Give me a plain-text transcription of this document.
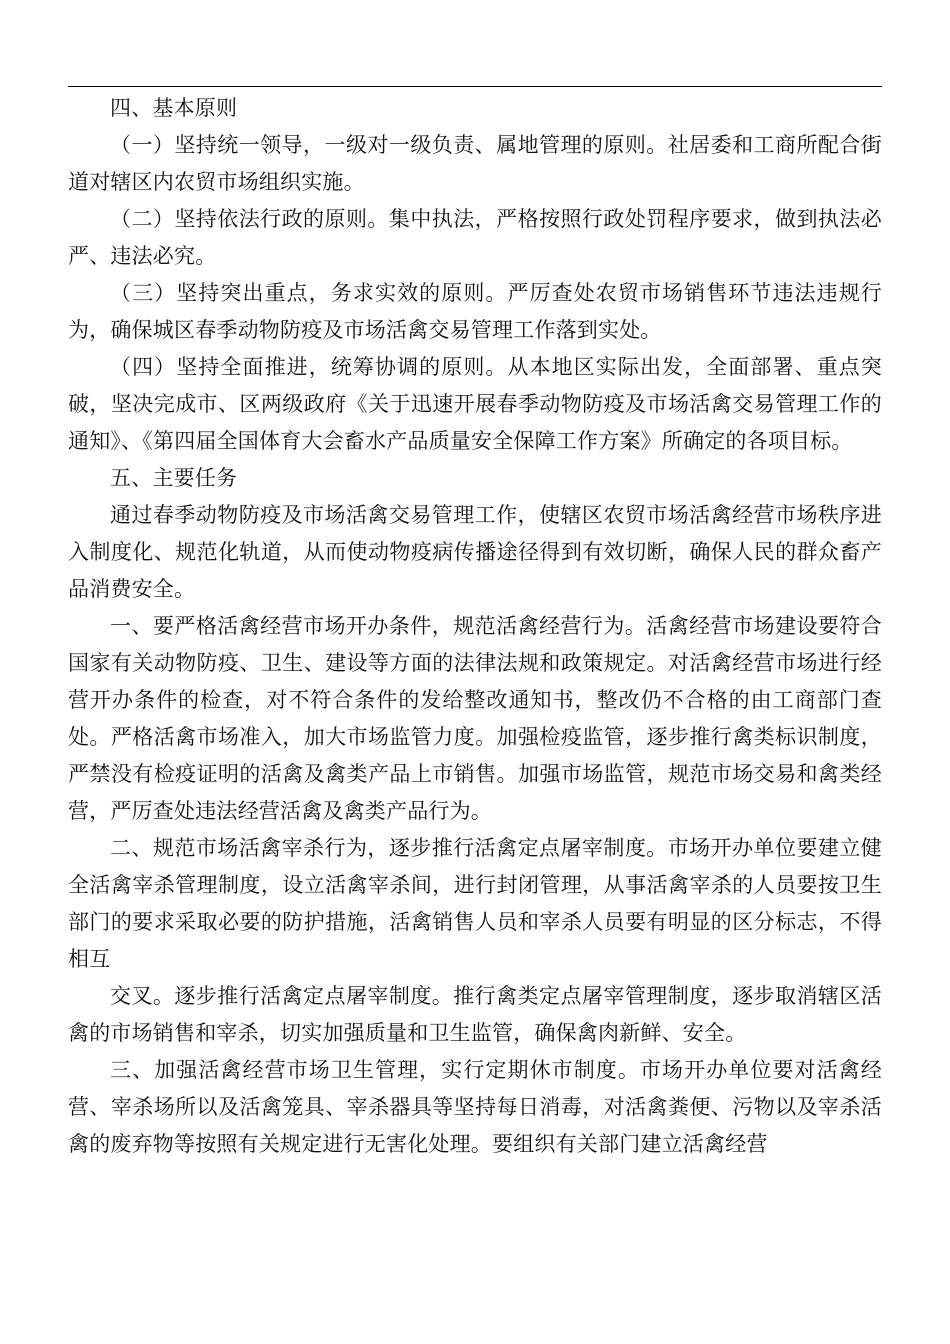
四、基本原则

（一）坚持统一领导，一级对一级负责、属地管理的原则。社居委和工商所配合街道对辖区内农贸市场组织实施。

（二）坚持依法行政的原则。集中执法，严格按照行政处罚程序要求，做到执法必严、违法必究。

（三）坚持突出重点，务求实效的原则。严厉查处农贸市场销售环节违法违规行为，确保城区春季动物防疫及市场活禽交易管理工作落到实处。

（四）坚持全面推进，统筹协调的原则。从本地区实际出发，全面部署、重点突破，坚决完成市、区两级政府《关于迅速开展春季动物防疫及市场活禽交易管理工作的通知》、《第四届全国体育大会畜水产品质量安全保障工作方案》所确定的各项目标。

五、主要任务

通过春季动物防疫及市场活禽交易管理工作，使辖区农贸市场活禽经营市场秩序进入制度化、规范化轨道，从而使动物疫病传播途径得到有效切断，确保人民的群众畜产品消费安全。

一、要严格活禽经营市场开办条件，规范活禽经营行为。活禽经营市场建设要符合国家有关动物防疫、卫生、建设等方面的法律法规和政策规定。对活禽经营市场进行经营开办条件的检查，对不符合条件的发给整改通知书，整改仍不合格的由工商部门查处。严格活禽市场准入，加大市场监管力度。加强检疫监管，逐步推行禽类标识制度，严禁没有检疫证明的活禽及禽类产品上市销售。加强市场监管，规范市场交易和禽类经营，严厉查处违法经营活禽及禽类产品行为。

二、规范市场活禽宰杀行为，逐步推行活禽定点屠宰制度。市场开办单位要建立健全活禽宰杀管理制度，设立活禽宰杀间，进行封闭管理，从事活禽宰杀的人员要按卫生部门的要求采取必要的防护措施，活禽销售人员和宰杀人员要有明显的区分标志，不得相互

交叉。逐步推行活禽定点屠宰制度。推行禽类定点屠宰管理制度，逐步取消辖区活禽的市场销售和宰杀，切实加强质量和卫生监管，确保禽肉新鲜、安全。

三、加强活禽经营市场卫生管理，实行定期休市制度。市场开办单位要对活禽经营、宰杀场所以及活禽笼具、宰杀器具等坚持每日消毒，对活禽粪便、污物以及宰杀活禽的废弃物等按照有关规定进行无害化处理。要组织有关部门建立活禽经营
